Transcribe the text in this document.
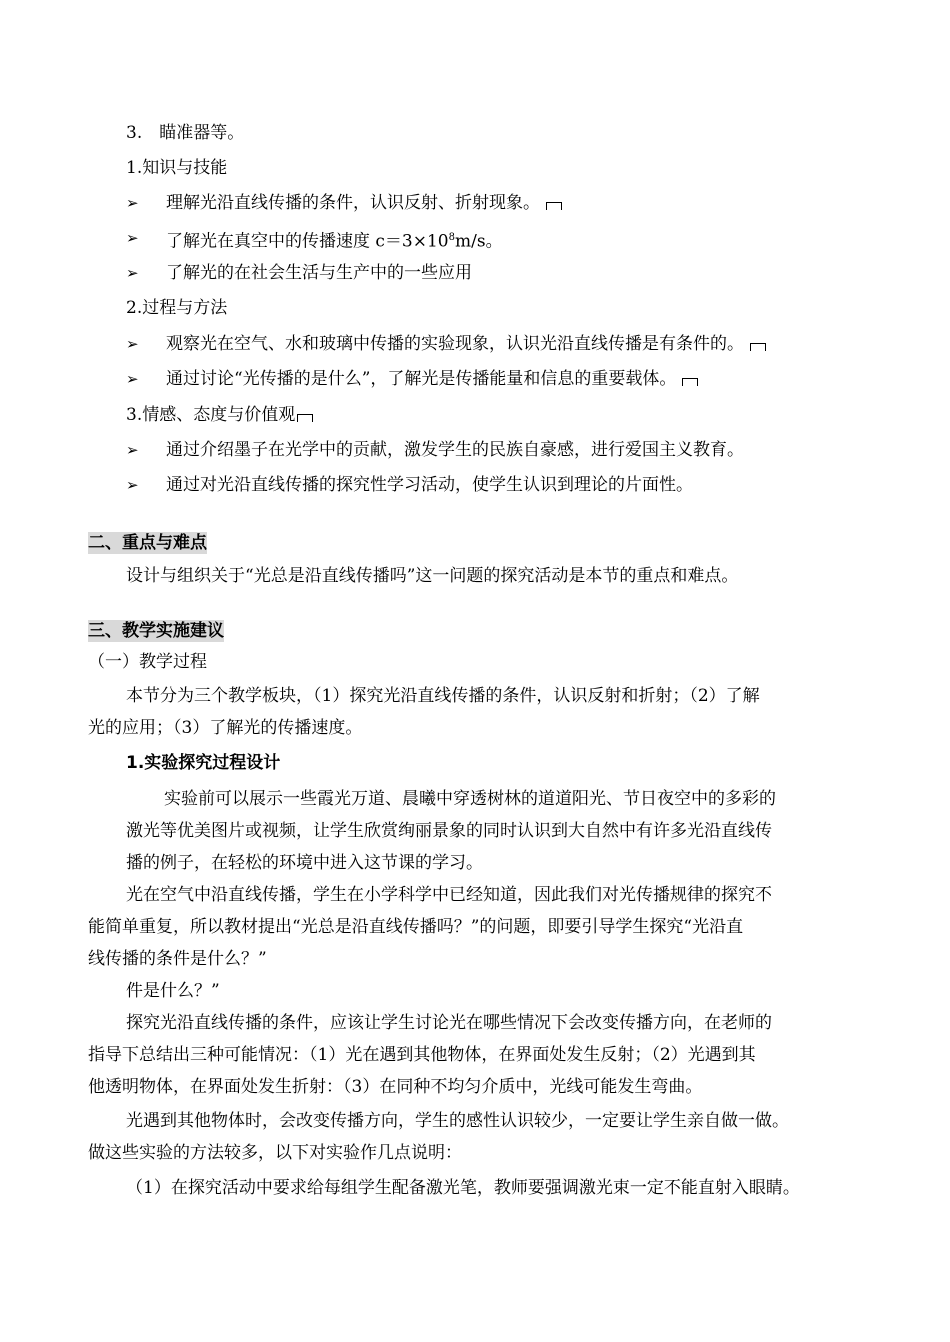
3.　瞄准器等。
1.知识与技能
➢ 理解光沿直线传播的条件，认识反射、折射现象。
➢ 了解光在真空中的传播速度 $c=3\times 10^8m/s$。
➢ 了解光的在社会生活与生产中的一些应用
2.过程与方法
➢ 观察光在空气、水和玻璃中传播的实验现象，认识光沿直线传播是有条件的。
➢ 通过讨论“光传播的是什么”，了解光是传播能量和信息的重要载体。
3.情感、态度与价值观
➢ 通过介绍墨子在光学中的贡献，激发学生的民族自豪感，进行爱国主义教育。
➢ 通过对光沿直线传播的探究性学习活动，使学生认识到理论的片面性。
二、重点与难点
设计与组织关于“光总是沿直线传播吗”这一问题的探究活动是本节的重点和难点。
三、教学实施建议
（一）教学过程
本节分为三个教学板块，（1）探究光沿直线传播的条件，认识反射和折射；（2）了解
光的应用；（3）了解光的传播速度。
1.实验探究过程设计
实验前可以展示一些霞光万道、晨曦中穿透树林的道道阳光、节日夜空中的多彩的
激光等优美图片或视频，让学生欣赏绚丽景象的同时认识到大自然中有许多光沿直线传
播的例子，在轻松的环境中进入这节课的学习。
光在空气中沿直线传播，学生在小学科学中已经知道，因此我们对光传播规律的探究不
能简单重复，所以教材提出“光总是沿直线传播吗？”的问题，即要引导学生探究“光沿直
线传播的条件是什么？”
件是什么？”
探究光沿直线传播的条件，应该让学生讨论光在哪些情况下会改变传播方向，在老师的
指导下总结出三种可能情况：（1）光在遇到其他物体，在界面处发生反射；（2）光遇到其
他透明物体，在界面处发生折射：（3）在同种不均匀介质中，光线可能发生弯曲。
光遇到其他物体时，会改变传播方向，学生的感性认识较少，一定要让学生亲自做一做。
做这些实验的方法较多，以下对实验作几点说明：
（1）在探究活动中要求给每组学生配备激光笔，教师要强调激光束一定不能直射入眼睛。
